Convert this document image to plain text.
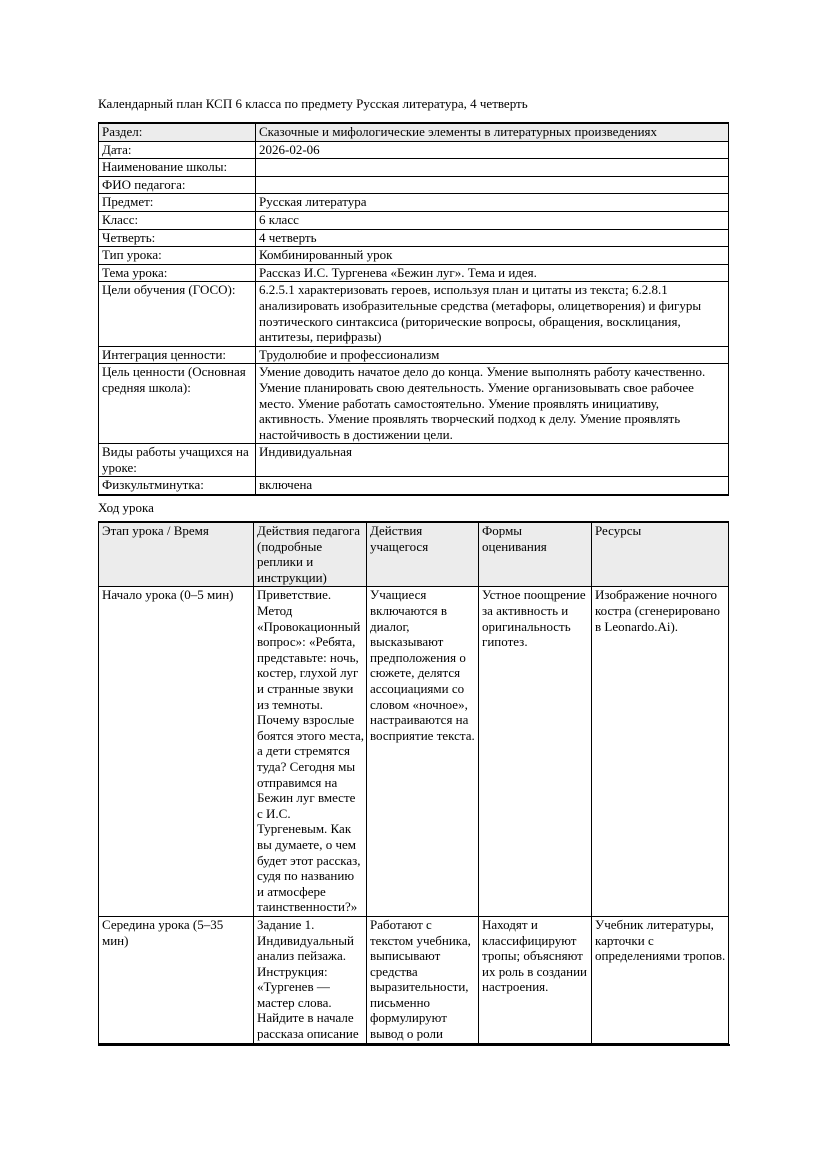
Календарный план КСП 6 класса по предмету Русская литература, 4 четверть

Раздел:	Сказочные и мифологические элементы в литературных произведениях
Дата:	2026-02-06
Наименование школы:	
ФИО педагога:	
Предмет:	Русская литература
Класс:	6 класс
Четверть:	4 четверть
Тип урока:	Комбинированный урок
Тема урока:	Рассказ И.С. Тургенева «Бежин луг». Тема и идея.
Цели обучения (ГОСО):	6.2.5.1 характеризовать героев, используя план и цитаты из текста; 6.2.8.1 анализировать изобразительные средства (метафоры, олицетворения) и фигуры поэтического синтаксиса (риторические вопросы, обращения, восклицания, антитезы, перифразы)
Интеграция ценности:	Трудолюбие и профессионализм
Цель ценности (Основная средняя школа):	Умение доводить начатое дело до конца. Умение выполнять работу качественно. Умение планировать свою деятельность. Умение организовывать свое рабочее место. Умение работать самостоятельно. Умение проявлять инициативу, активность. Умение проявлять творческий подход к делу. Умение проявлять настойчивость в достижении цели.
Виды работы учащихся на уроке:	Индивидуальная
Физкультминутка:	включена

Ход урока

Этап урока / Время	Действия педагога (подробные реплики и инструкции)	Действия учащегося	Формы оценивания	Ресурсы
Начало урока (0–5 мин)	Приветствие. Метод «Провокационный вопрос»: «Ребята, представьте: ночь, костер, глухой луг и странные звуки из темноты. Почему взрослые боятся этого места, а дети стремятся туда? Сегодня мы отправимся на Бежин луг вместе с И.С. Тургеневым. Как вы думаете, о чем будет этот рассказ, судя по названию и атмосфере таинственности?»	Учащиеся включаются в диалог, высказывают предположения о сюжете, делятся ассоциациями со словом «ночное», настраиваются на восприятие текста.	Устное поощрение за активность и оригинальность гипотез.	Изображение ночного костра (сгенерировано в Leonardo.Ai).
Середина урока (5–35 мин)	Задание 1. Индивидуальный анализ пейзажа. Инструкция: «Тургенев — мастер слова. Найдите в начале рассказа описание	Работают с текстом учебника, выписывают средства выразительности, письменно формулируют вывод о роли	Находят и классифицируют тропы; объясняют их роль в создании настроения.	Учебник литературы, карточки с определениями тропов.
